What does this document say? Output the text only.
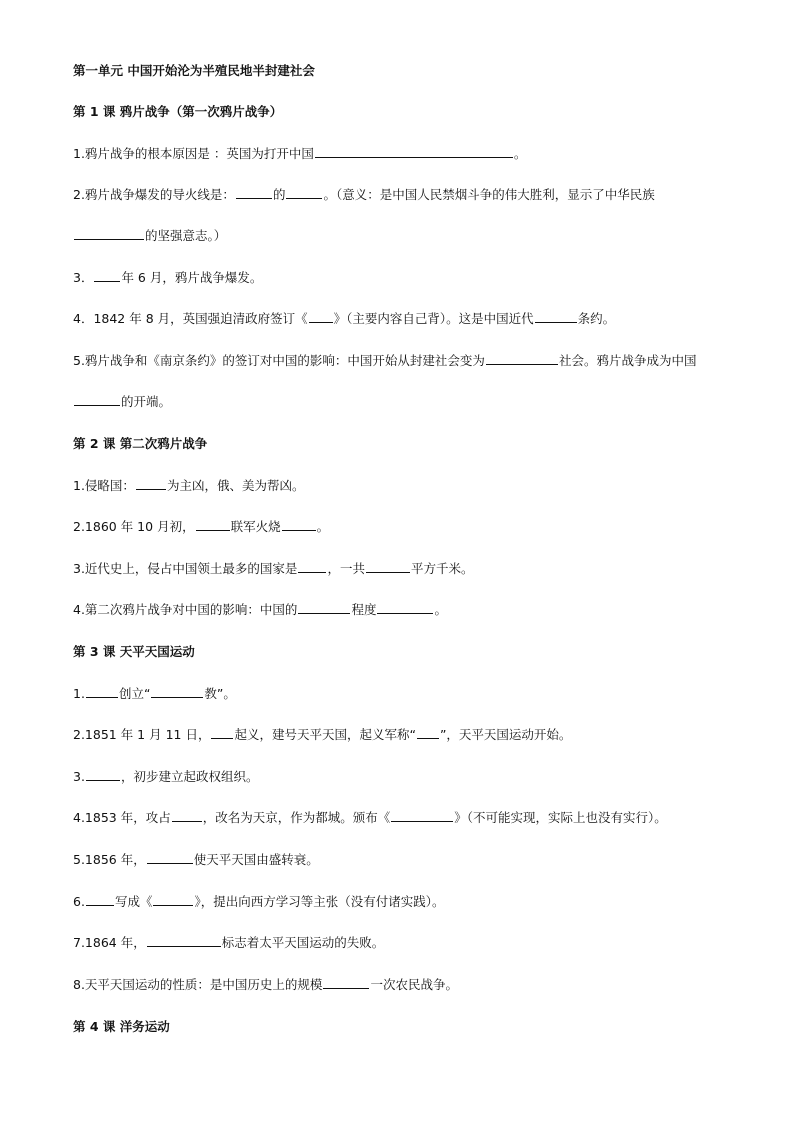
第一单元 中国开始沦为半殖民地半封建社会
第 1 课 鸦片战争（第一次鸦片战争）
1.鸦片战争的根本原因是 ：英国为打开中国	。
2.鸦片战争爆发的导火线是：	的	。（意义：是中国人民禁烟斗争的伟大胜利，显示了中华民族
的坚强意志。）
3． 年 6 月，鸦片战争爆发。
4．1842 年 8 月，英国强迫清政府签订《 》（主要内容自己背）。这是中国近代	条约。
5.鸦片战争和《南京条约》的签订对中国的影响：中国开始从封建社会变为	社会。鸦片战争成为中国
的开端。
第 2 课 第二次鸦片战争
1.侵略国：	为主凶，俄、美为帮凶。
2.1860 年 10 月初，	联军火烧	。
3.近代史上，侵占中国领土最多的国家是 ，一共	平方千米。
4.第二次鸦片战争对中国的影响：中国的	程度	。
第 3 课 天平天国运动
1.	创立“	教”。
2.1851 年 1 月 11 日， 起义，建号天平天国，起义军称“ ”，天平天国运动开始。
3.	，初步建立起政权组织。
4.1853 年，攻占	，改名为天京，作为都城。颁布《	》（不可能实现，实际上也没有实行）。
5.1856 年，	使天平天国由盛转衰。
6. 写成《	》，提出向西方学习等主张（没有付诸实践）。
7.1864 年，	标志着太平天国运动的失败。
8.天平天国运动的性质：是中国历史上的规模	一次农民战争。
第 4 课 洋务运动
